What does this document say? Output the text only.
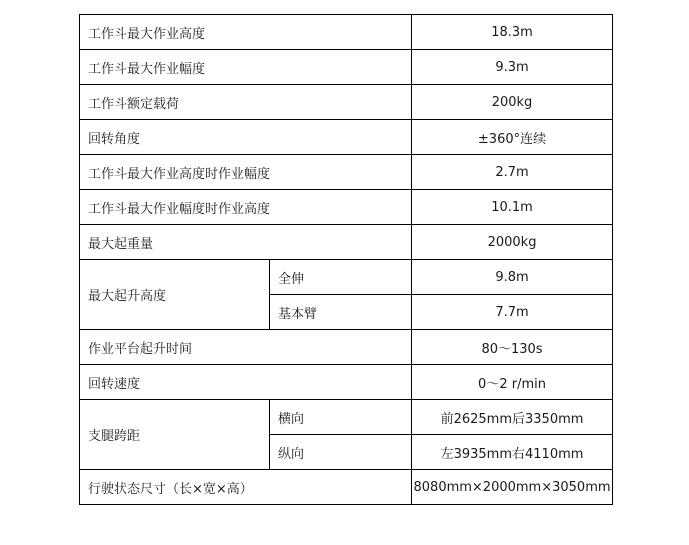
工作斗最大作业高度		18.3m
工作斗最大作业幅度		9.3m
工作斗额定载荷		200kg
回转角度		±360°连续
工作斗最大作业高度时作业幅度		2.7m
工作斗最大作业幅度时作业高度		10.1m
最大起重量		2000kg
最大起升高度	全伸	9.8m
	基本臂	7.7m
作业平台起升时间		80～130s
回转速度		0～2 r/min
支腿跨距	横向	前2625mm后3350mm
	纵向	左3935mm右4110mm
行驶状态尺寸（长×宽×高）		8080mm×2000mm×3050mm
